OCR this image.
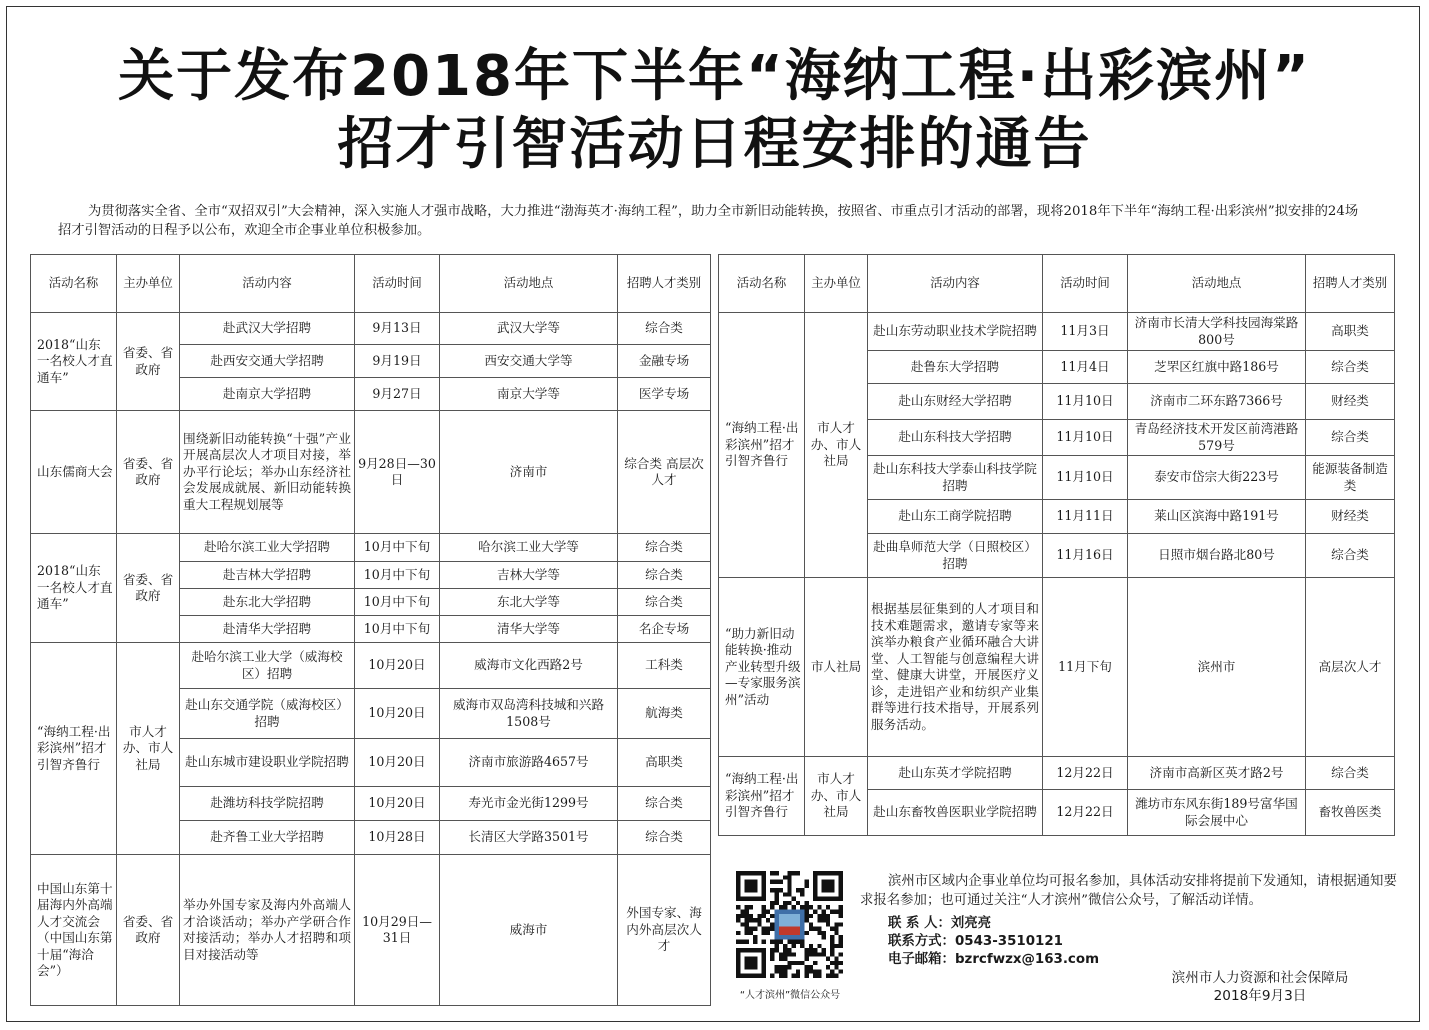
关于发布2018年下半年“海纳工程·出彩滨州”
招才引智活动日程安排的通告

为贯彻落实全省、全市“双招双引”大会精神，深入实施人才强市战略，大力推进“渤海英才·海纳工程”，助力全市新旧动能转换，按照省、市重点引才活动的部署，现将2018年下半年“海纳工程·出彩滨州”拟安排的24场招才引智活动的日程予以公布，欢迎全市企事业单位积极参加。

活动名称	主办单位	活动内容	活动时间	活动地点	招聘人才类别
2018“山东一名校人才直通车”	省委、省政府	赴武汉大学招聘	9月13日	武汉大学等	综合类
		赴西安交通大学招聘	9月19日	西安交通大学等	金融专场
		赴南京大学招聘	9月27日	南京大学等	医学专场
山东儒商大会	省委、省政府	围绕新旧动能转换“十强”产业开展高层次人才项目对接，举办平行论坛；举办山东经济社会发展成就展、新旧动能转换重大工程规划展等	9月28日—30日	济南市	综合类 高层次人才
2018“山东一名校人才直通车”	省委、省政府	赴哈尔滨工业大学招聘	10月中下旬	哈尔滨工业大学等	综合类
		赴吉林大学招聘	10月中下旬	吉林大学等	综合类
		赴东北大学招聘	10月中下旬	东北大学等	综合类
		赴清华大学招聘	10月中下旬	清华大学等	名企专场
“海纳工程·出彩滨州”招才引智齐鲁行	市人才办、市人社局	赴哈尔滨工业大学（威海校区）招聘	10月20日	威海市文化西路2号	工科类
		赴山东交通学院（威海校区）招聘	10月20日	威海市双岛湾科技城和兴路1508号	航海类
		赴山东城市建设职业学院招聘	10月20日	济南市旅游路4657号	高职类
		赴潍坊科技学院招聘	10月20日	寿光市金光街1299号	综合类
		赴齐鲁工业大学招聘	10月28日	长清区大学路3501号	综合类
中国山东第十届海内外高端人才交流会（中国山东第十届“海洽会”）	省委、省政府	举办外国专家及海内外高端人才洽谈活动；举办产学研合作对接活动；举办人才招聘和项目对接活动等	10月29日—31日	威海市	外国专家、海内外高层次人才
活动名称	主办单位	活动内容	活动时间	活动地点	招聘人才类别
“海纳工程·出彩滨州”招才引智齐鲁行	市人才办、市人社局	赴山东劳动职业技术学院招聘	11月3日	济南市长清大学科技园海棠路800号	高职类
		赴鲁东大学招聘	11月4日	芝罘区红旗中路186号	综合类
		赴山东财经大学招聘	11月10日	济南市二环东路7366号	财经类
		赴山东科技大学招聘	11月10日	青岛经济技术开发区前湾港路579号	综合类
		赴山东科技大学泰山科技学院招聘	11月10日	泰安市岱宗大街223号	能源装备制造类
		赴山东工商学院招聘	11月11日	莱山区滨海中路191号	财经类
		赴曲阜师范大学（日照校区）招聘	11月16日	日照市烟台路北80号	综合类
“助力新旧动能转换·推动产业转型升级—专家服务滨州”活动	市人社局	根据基层征集到的人才项目和技术难题需求，邀请专家等来滨举办粮食产业循环融合大讲堂、人工智能与创意编程大讲堂、健康大讲堂，开展医疗义诊，走进铝产业和纺织产业集群等进行技术指导，开展系列服务活动。	11月下旬	滨州市	高层次人才
“海纳工程·出彩滨州”招才引智齐鲁行	市人才办、市人社局	赴山东英才学院招聘	12月22日	济南市高新区英才路2号	综合类
		赴山东畜牧兽医职业学院招聘	12月22日	潍坊市东风东街189号富华国际会展中心	畜牧兽医类
“人才滨州”微信公众号

滨州市区域内企事业单位均可报名参加，具体活动安排将提前下发通知，请根据通知要求报名参加；也可通过关注“人才滨州”微信公众号，了解活动详情。

联 系 人：刘亮亮
联系方式：0543-3510121
电子邮箱：bzrcfwzx@163.com
滨州市人力资源和社会保障局
2018年9月3日
